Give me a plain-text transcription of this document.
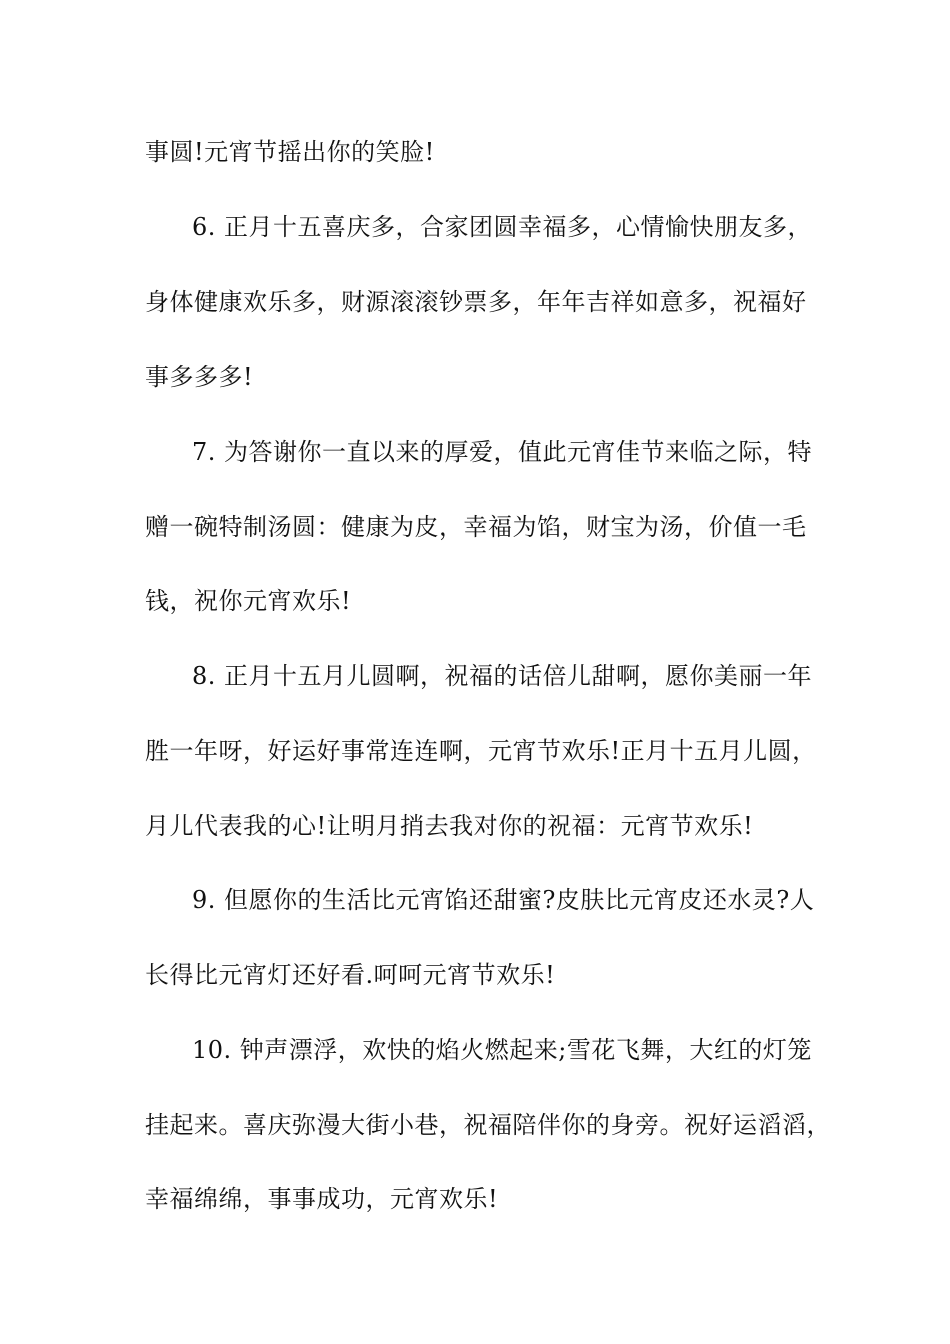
事圆!元宵节摇出你的笑脸!
6. 正月十五喜庆多，合家团圆幸福多，心情愉快朋友多，
身体健康欢乐多，财源滚滚钞票多，年年吉祥如意多，祝福好
事多多多!
7. 为答谢你一直以来的厚爱，值此元宵佳节来临之际，特
赠一碗特制汤圆：健康为皮，幸福为馅，财宝为汤，价值一毛
钱，祝你元宵欢乐!
8. 正月十五月儿圆啊，祝福的话倍儿甜啊，愿你美丽一年
胜一年呀，好运好事常连连啊，元宵节欢乐!正月十五月儿圆，
月儿代表我的心!让明月捎去我对你的祝福：元宵节欢乐!
9. 但愿你的生活比元宵馅还甜蜜?皮肤比元宵皮还水灵?人
长得比元宵灯还好看.呵呵元宵节欢乐!
10. 钟声漂浮，欢快的焰火燃起来;雪花飞舞，大红的灯笼
挂起来。喜庆弥漫大街小巷，祝福陪伴你的身旁。祝好运滔滔，
幸福绵绵，事事成功，元宵欢乐!
